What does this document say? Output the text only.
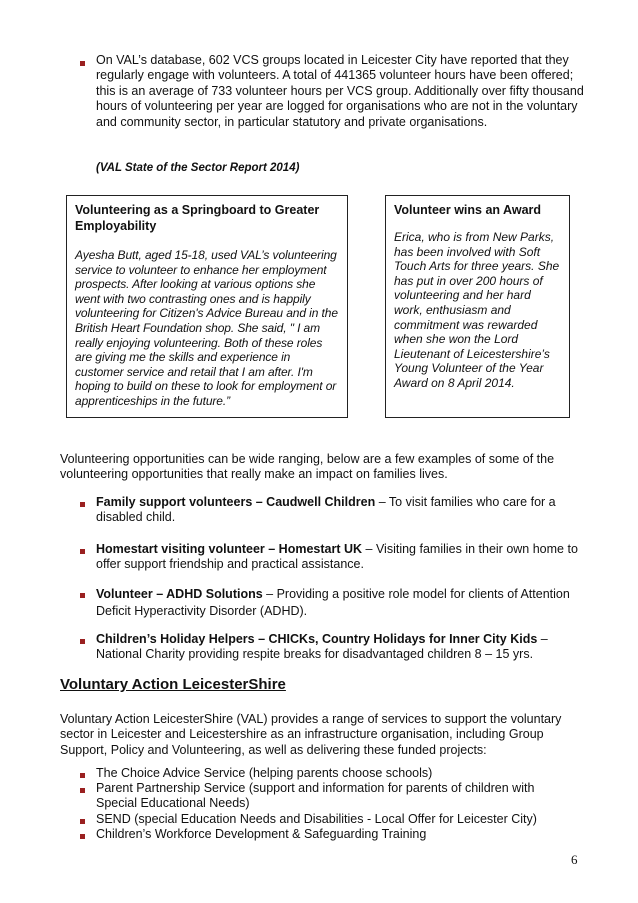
On VAL’s database, 602 VCS groups located in Leicester City have reported that they regularly engage with volunteers. A total of 441365 volunteer hours have been offered; this is an average of 733 volunteer hours per VCS group. Additionally over fifty thousand hours of volunteering per year are logged for organisations who are not in the voluntary and community sector, in particular statutory and private organisations.
(VAL State of the Sector Report 2014)
Volunteering as a Springboard to Greater Employability
Ayesha Butt, aged 15-18, used VAL’s volunteering service to volunteer to enhance her employment prospects. After looking at various options she went with two contrasting ones and is happily volunteering for Citizen's Advice Bureau and in the British Heart Foundation shop. She said, " I am really enjoying volunteering. Both of these roles are giving me the skills and experience in customer service and retail that I am after. I'm hoping to build on these to look for employment or apprenticeships in the future.”
Volunteer wins an Award
Erica, who is from New Parks, has been involved with Soft Touch Arts for three years. She has put in over 200 hours of volunteering and her hard work, enthusiasm and commitment was rewarded when she won the Lord Lieutenant of Leicestershire’s Young Volunteer of the Year Award on 8 April 2014.
Volunteering opportunities can be wide ranging, below are a few examples of some of the volunteering opportunities that really make an impact on families lives.
Family support volunteers – Caudwell Children – To visit families who care for a disabled child.
Homestart visiting volunteer – Homestart UK – Visiting families in their own home to offer support friendship and practical assistance.
Volunteer – ADHD Solutions – Providing a positive role model for clients of Attention Deficit Hyperactivity Disorder (ADHD).
Children’s Holiday Helpers – CHICKs, Country Holidays for Inner City Kids – National Charity providing respite breaks for disadvantaged children 8 – 15 yrs.
Voluntary Action LeicesterShire
Voluntary Action LeicesterShire (VAL) provides a range of services to support the voluntary sector in Leicester and Leicestershire as an infrastructure organisation, including Group Support, Policy and Volunteering, as well as delivering these funded projects:
The Choice Advice Service (helping parents choose schools)
Parent Partnership Service (support and information for parents of children with Special Educational Needs)
SEND (special Education Needs and Disabilities - Local Offer for Leicester City)
Children’s Workforce Development & Safeguarding Training
6
